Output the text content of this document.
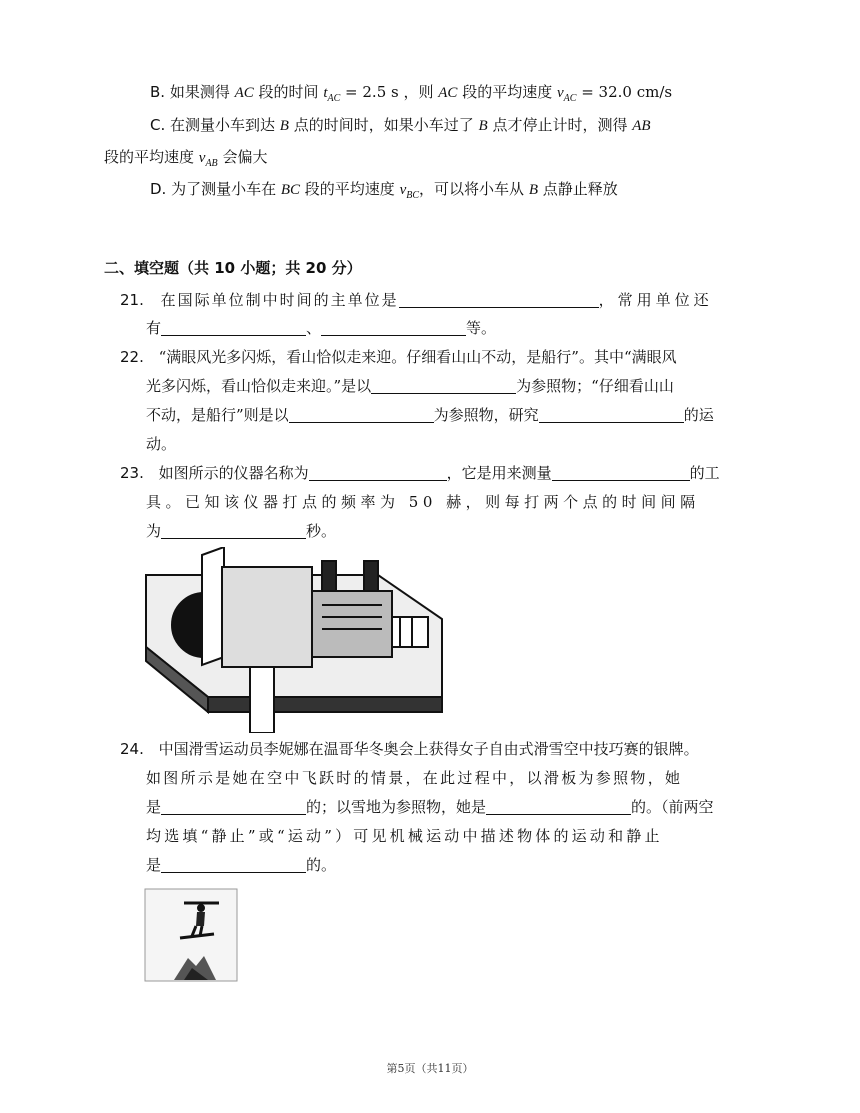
B. 如果测得 AC 段的时间 $t_{AC} = 2.5$ s ，则 AC 段的平均速度 $v_{AC} = 32.0$ cm/s
C. 在测量小车到达 B 点的时间时，如果小车过了 B 点才停止计时，测得 AB
段的平均速度 $v_{AB}$ 会偏大
D. 为了测量小车在 BC 段的平均速度 $v_{BC}$，可以将小车从 B 点静止释放
二、填空题（共 10 小题；共 20 分）
21. 在国际单位制中时间的主单位是	，常用单位还
有	、	等。
22. “满眼风光多闪烁，看山恰似走来迎。仔细看山山不动，是船行”。其中“满眼风
光多闪烁，看山恰似走来迎。”是以	为参照物；“仔细看山山
不动，是船行”则是以	为参照物，研究	的运
动。
23. 如图所示的仪器名称为	，它是用来测量	的工
具。已知该仪器打点的频率为 50 赫，则每打两个点的时间间隔
为	秒。
24. 中国滑雪运动员李妮娜在温哥华冬奥会上获得女子自由式滑雪空中技巧赛的银牌。
如图所示是她在空中飞跃时的情景，在此过程中，以滑板为参照物，她
是	的；以雪地为参照物，她是	的。（前两空
均选填“静止”或“运动”）可见机械运动中描述物体的运动和静止
是	的。
第5页（共11页）
